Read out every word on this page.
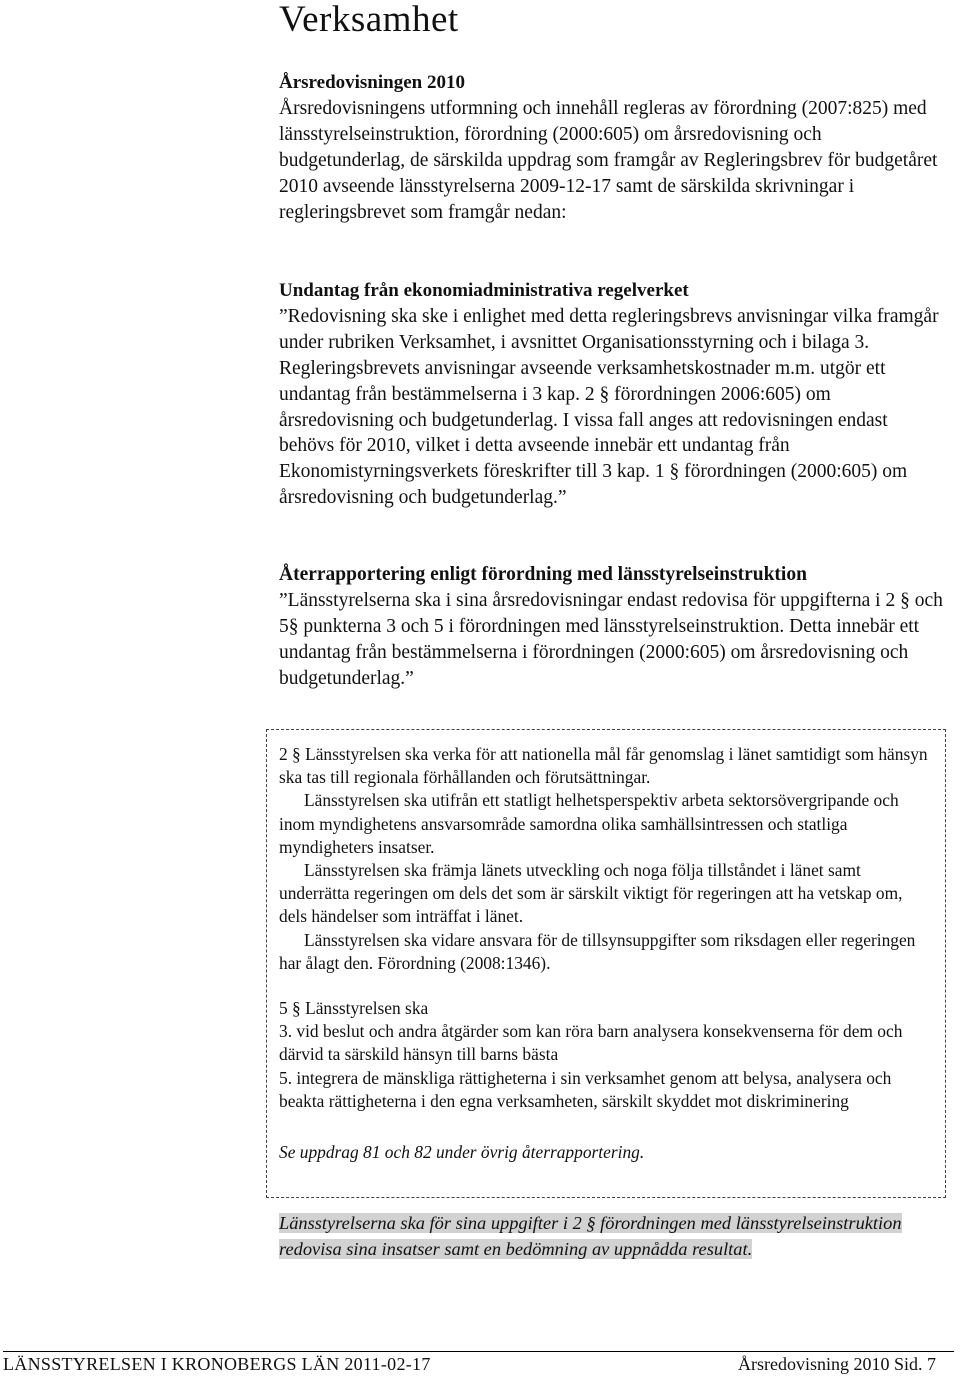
Verksamhet

Årsredovisningen 2010
Årsredovisningens utformning och innehåll regleras av förordning (2007:825) med länsstyrelseinstruktion, förordning (2000:605) om årsredovisning och budgetunderlag, de särskilda uppdrag som framgår av Regleringsbrev för budgetåret 2010 avseende länsstyrelserna 2009-12-17 samt de särskilda skrivningar i regleringsbrevet som framgår nedan:

Undantag från ekonomiadministrativa regelverket
”Redovisning ska ske i enlighet med detta regleringsbrevs anvisningar vilka framgår under rubriken Verksamhet, i avsnittet Organisationsstyrning och i bilaga 3. Regleringsbrevets anvisningar avseende verksamhetskostnader m.m. utgör ett undantag från bestämmelserna i 3 kap. 2 § förordningen 2006:605) om årsredovisning och budgetunderlag. I vissa fall anges att redovisningen endast behövs för 2010, vilket i detta avseende innebär ett undantag från Ekonomistyrningsverkets föreskrifter till 3 kap. 1 § förordningen (2000:605) om årsredovisning och budgetunderlag.”

Återrapportering enligt förordning med länsstyrelseinstruktion
”Länsstyrelserna ska i sina årsredovisningar endast redovisa för uppgifterna i 2 § och 5§ punkterna 3 och 5 i förordningen med länsstyrelseinstruktion. Detta innebär ett undantag från bestämmelserna i förordningen (2000:605) om årsredovisning och budgetunderlag.”

2 § Länsstyrelsen ska verka för att nationella mål får genomslag i länet samtidigt som hänsyn ska tas till regionala förhållanden och förutsättningar.

Länsstyrelsen ska utifrån ett statligt helhetsperspektiv arbeta sektorsövergripande och inom myndighetens ansvarsområde samordna olika samhällsintressen och statliga myndigheters insatser.

Länsstyrelsen ska främja länets utveckling och noga följa tillståndet i länet samt underrätta regeringen om dels det som är särskilt viktigt för regeringen att ha vetskap om, dels händelser som inträffat i länet.

Länsstyrelsen ska vidare ansvara för de tillsynsuppgifter som riksdagen eller regeringen har ålagt den. Förordning (2008:1346).

5 § Länsstyrelsen ska

3. vid beslut och andra åtgärder som kan röra barn analysera konsekvenserna för dem och därvid ta särskild hänsyn till barns bästa

5. integrera de mänskliga rättigheterna i sin verksamhet genom att belysa, analysera och beakta rättigheterna i den egna verksamheten, särskilt skyddet mot diskriminering

Se uppdrag 81 och 82 under övrig återrapportering.

Länsstyrelserna ska för sina uppgifter i 2 § förordningen med länsstyrelseinstruktion redovisa sina insatser samt en bedömning av uppnådda resultat.

LÄNSSTYRELSEN I KRONOBERGS LÄN 2011-02-17	Årsredovisning 2010 Sid. 7
